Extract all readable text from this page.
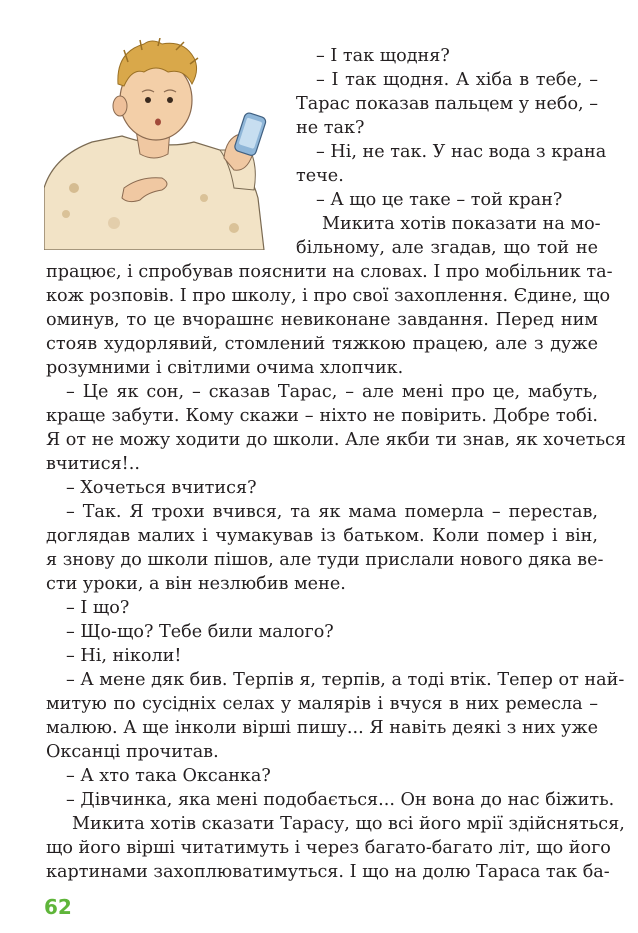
– І так щодня?
– І так щодня. А хіба в тебе, –
Тарас показав пальцем у небо, –
не так?
– Ні, не так. У нас вода з крана
тече.
– А що це таке – той кран?
Микита хотів показати на мо-
більному, але згадав, що той не
працює, і спробував пояснити на словах. І про мобільник та-
кож розповів. І про школу, і про свої захоплення. Єдине, що
оминув, то це вчорашнє невиконане завдання. Перед ним
стояв худорлявий, стомлений тяжкою працею, але з дуже
розумними і світлими очима хлопчик.
– Це як сон, – сказав Тарас, – але мені про це, мабуть,
краще забути. Кому скажи – ніхто не повірить. Добре тобі.
Я от не можу ходити до школи. Але якби ти знав, як хочеться
вчитися!..
– Хочеться вчитися?
– Так. Я трохи вчився, та як мама померла – перестав,
доглядав малих і чумакував із батьком. Коли помер і він,
я знову до школи пішов, але туди прислали нового дяка ве-
сти уроки, а він незлюбив мене.
– І що?
– Що-що? Тебе били малого?
– Ні, ніколи!
– А мене дяк бив. Терпів я, терпів, а тоді втік. Тепер от най-
митую по сусідніх селах у малярів і вчуся в них ремесла –
малюю. А ще інколи вірші пишу... Я навіть деякі з них уже
Оксанці прочитав.
– А хто така Оксанка?
– Дівчинка, яка мені подобається... Он вона до нас біжить.
Микита хотів сказати Тарасу, що всі його мрії здійсняться,
що його вірші читатимуть і через багато-багато літ, що його
картинами захоплюватимуться. І що на долю Тараса так ба-
62
